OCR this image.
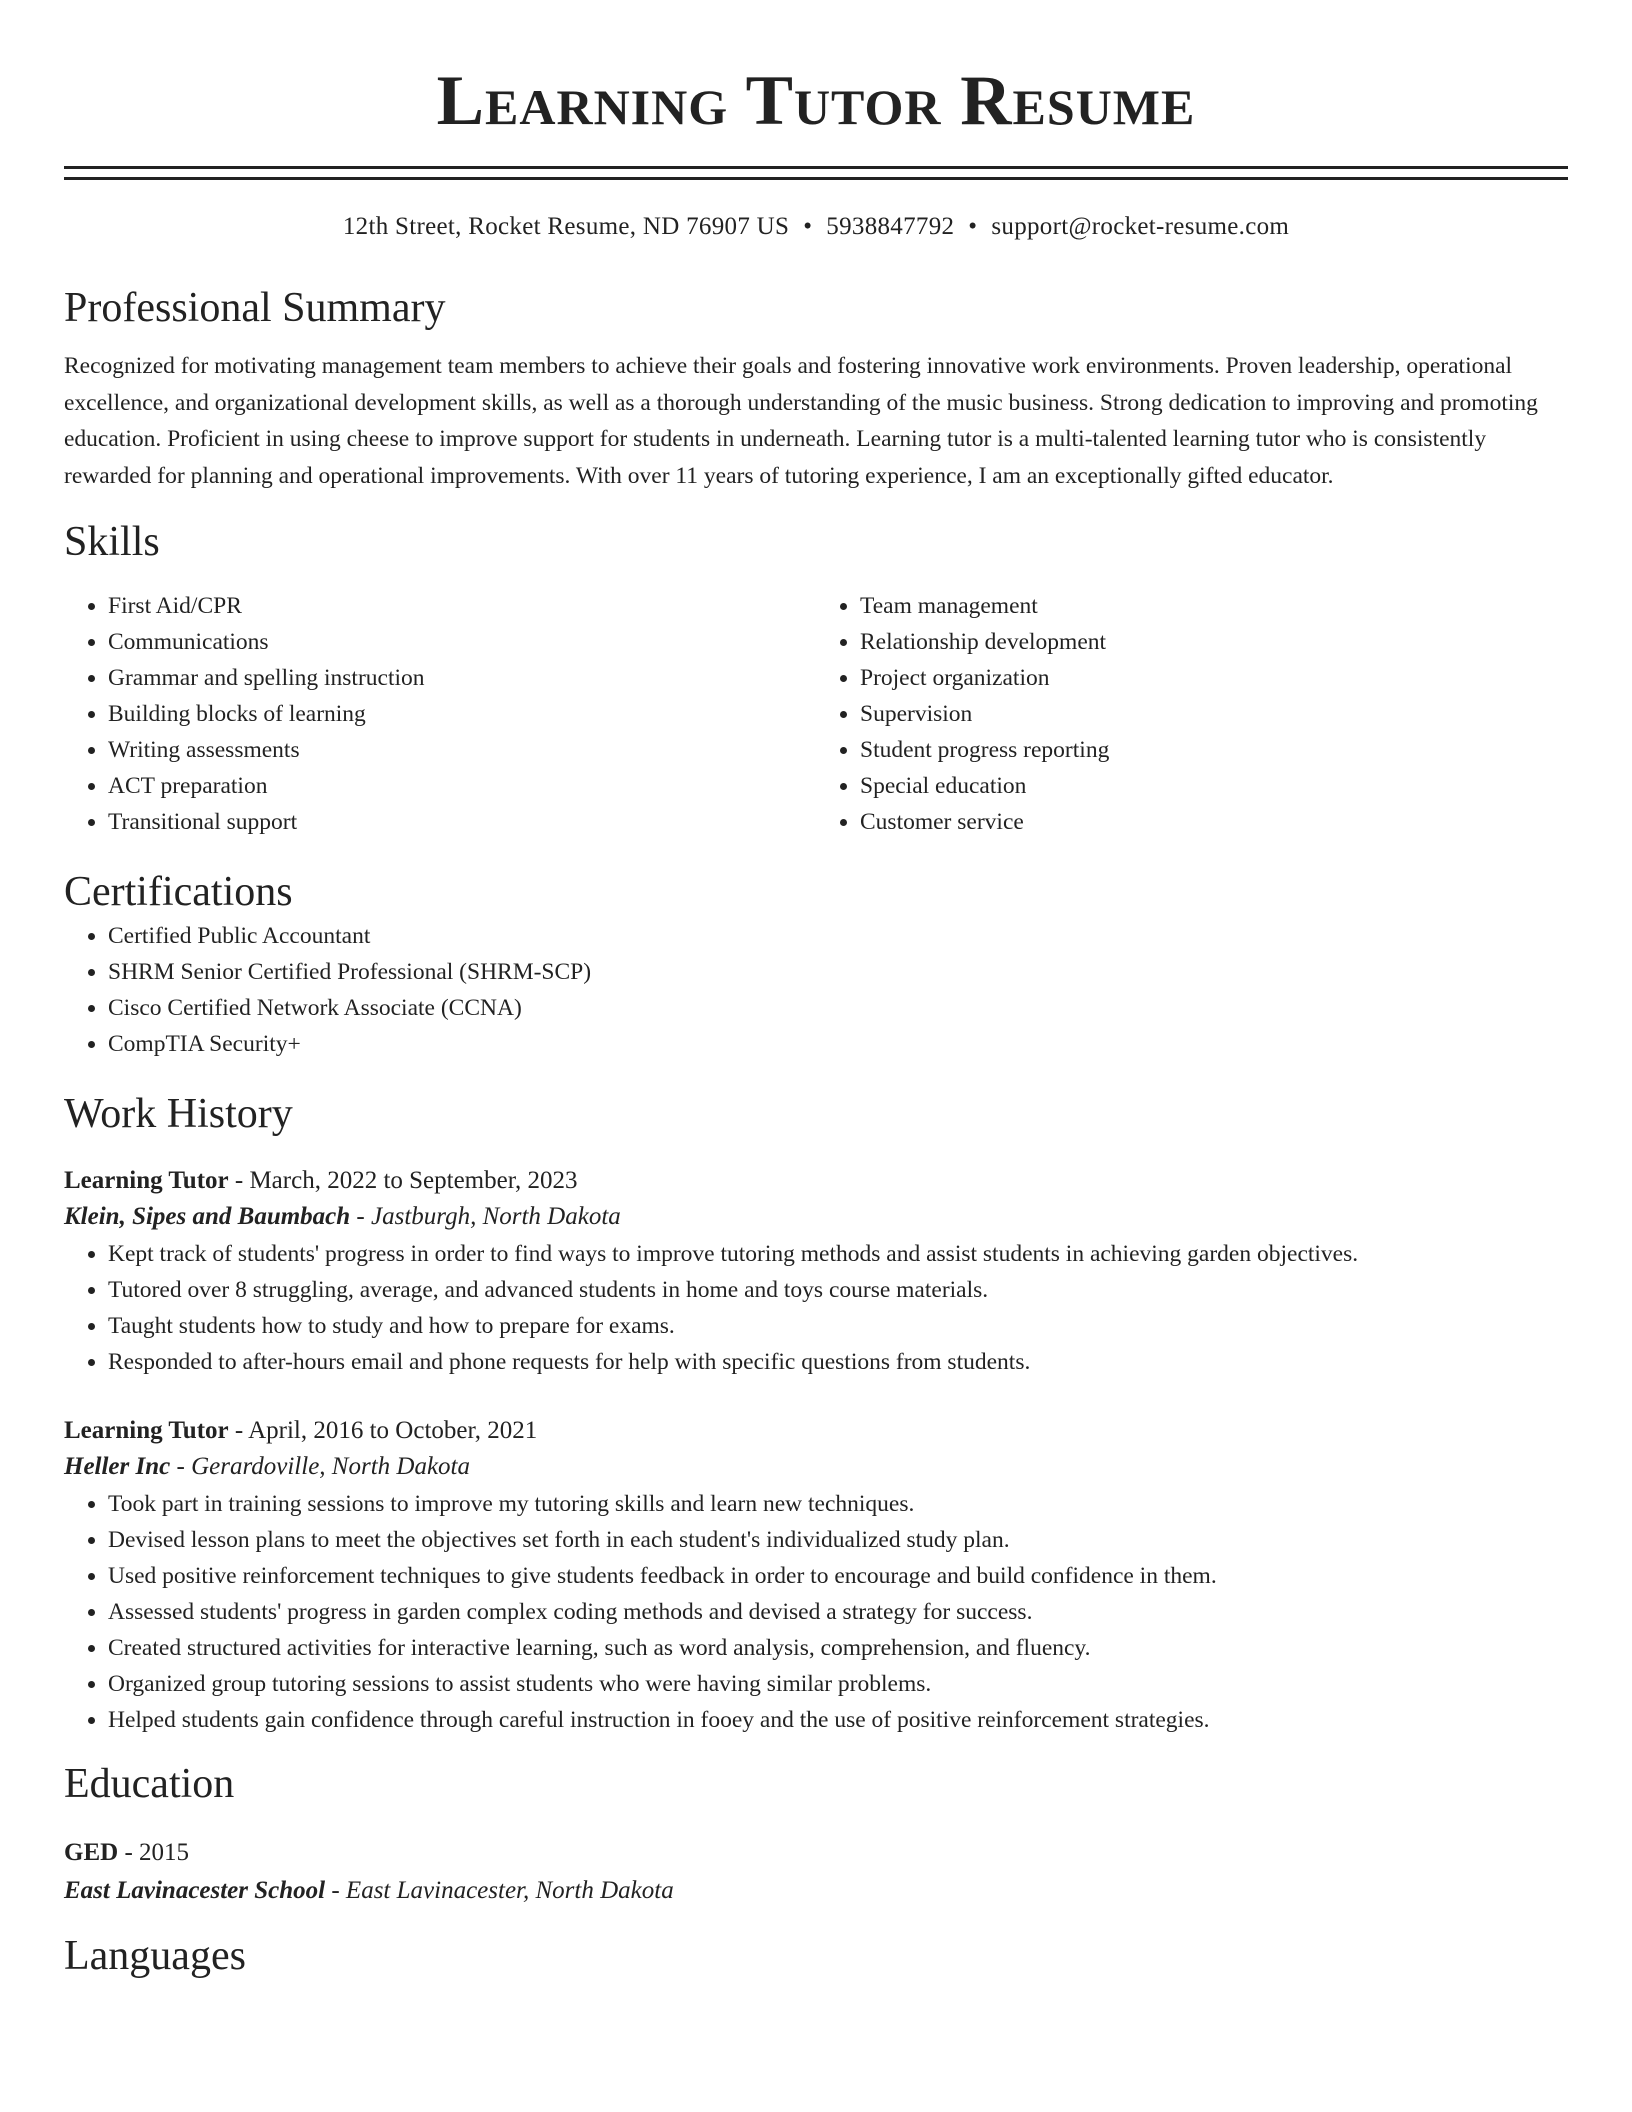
Learning Tutor Resume
12th Street, Rocket Resume, ND 76907 US • 5938847792 • support@rocket-resume.com
Professional Summary

Recognized for motivating management team members to achieve their goals and fostering innovative work environments. Proven leadership, operational excellence, and organizational development skills, as well as a thorough understanding of the music business. Strong dedication to improving and promoting education. Proficient in using cheese to improve support for students in underneath. Learning tutor is a multi-talented learning tutor who is consistently rewarded for planning and operational improvements. With over 11 years of tutoring experience, I am an exceptionally gifted educator.

Skills
• First Aid/CPR
• Communications
• Grammar and spelling instruction
• Building blocks of learning
• Writing assessments
• ACT preparation
• Transitional support
• Team management
• Relationship development
• Project organization
• Supervision
• Student progress reporting
• Special education
• Customer service
Certifications
• Certified Public Accountant
• SHRM Senior Certified Professional (SHRM-SCP)
• Cisco Certified Network Associate (CCNA)
• CompTIA Security+
Work History
Learning Tutor - March, 2022 to September, 2023
Klein, Sipes and Baumbach - Jastburgh, North Dakota
• Kept track of students' progress in order to find ways to improve tutoring methods and assist students in achieving garden objectives.
• Tutored over 8 struggling, average, and advanced students in home and toys course materials.
• Taught students how to study and how to prepare for exams.
• Responded to after-hours email and phone requests for help with specific questions from students.
Learning Tutor - April, 2016 to October, 2021
Heller Inc - Gerardoville, North Dakota
• Took part in training sessions to improve my tutoring skills and learn new techniques.
• Devised lesson plans to meet the objectives set forth in each student's individualized study plan.
• Used positive reinforcement techniques to give students feedback in order to encourage and build confidence in them.
• Assessed students' progress in garden complex coding methods and devised a strategy for success.
• Created structured activities for interactive learning, such as word analysis, comprehension, and fluency.
• Organized group tutoring sessions to assist students who were having similar problems.
• Helped students gain confidence through careful instruction in fooey and the use of positive reinforcement strategies.
Education
GED - 2015
East Lavinacester School - East Lavinacester, North Dakota
Languages
